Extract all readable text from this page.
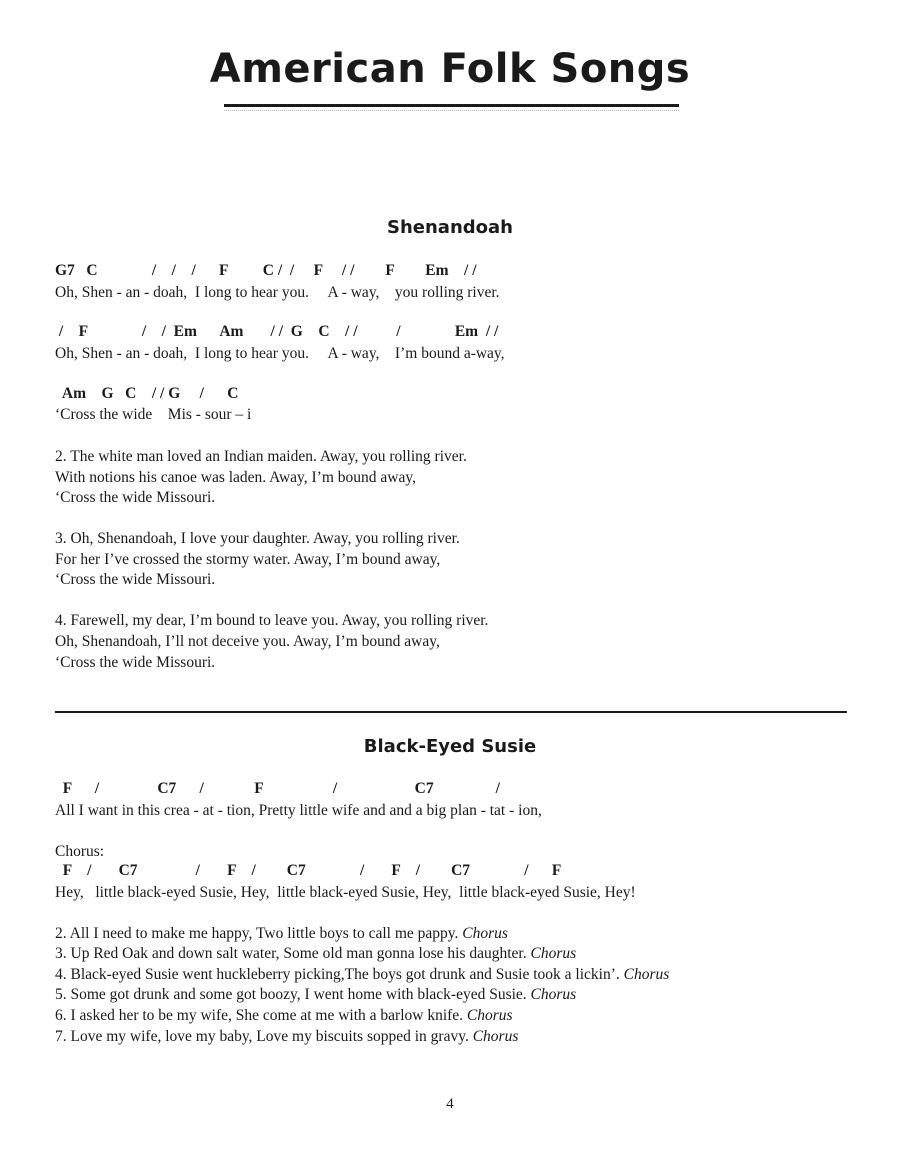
American Folk Songs
Shenandoah
G7   C              /    /    /      F         C /  /     F     / /        F        Em    / /
Oh, Shen - an - doah,  I long to hear you.     A - way,    you rolling river.
/    F              /    /  Em      Am       / /  G    C    / /          /              Em  / /
Oh, Shen - an - doah,  I long to hear you.     A - way,    I’m bound a-way,
Am    G   C    / / G     /      C
‘Cross the wide    Mis - sour – i
2. The white man loved an Indian maiden. Away, you rolling river.
With notions his canoe was laden. Away, I’m bound away,
‘Cross the wide Missouri.
3. Oh, Shenandoah, I love your daughter. Away, you rolling river.
For her I’ve crossed the stormy water. Away, I’m bound away,
‘Cross the wide Missouri.
4. Farewell, my dear, I’m bound to leave you. Away, you rolling river.
Oh, Shenandoah, I’ll not deceive you. Away, I’m bound away,
‘Cross the wide Missouri.
Black-Eyed Susie
F      /               C7      /             F                  /                    C7                /
All I want in this crea - at - tion, Pretty little wife and and a big plan - tat - ion,
Chorus:
F    /       C7               /       F    /        C7              /       F    /        C7              /      F
Hey,   little black-eyed Susie, Hey,  little black-eyed Susie, Hey,  little black-eyed Susie, Hey!
2. All I need to make me happy, Two little boys to call me pappy. Chorus
3. Up Red Oak and down salt water, Some old man gonna lose his daughter. Chorus
4. Black-eyed Susie went huckleberry picking,The boys got drunk and Susie took a lickin’. Chorus
5. Some got drunk and some got boozy, I went home with black-eyed Susie. Chorus
6. I asked her to be my wife, She come at me with a barlow knife. Chorus
7. Love my wife, love my baby, Love my biscuits sopped in gravy. Chorus
4
